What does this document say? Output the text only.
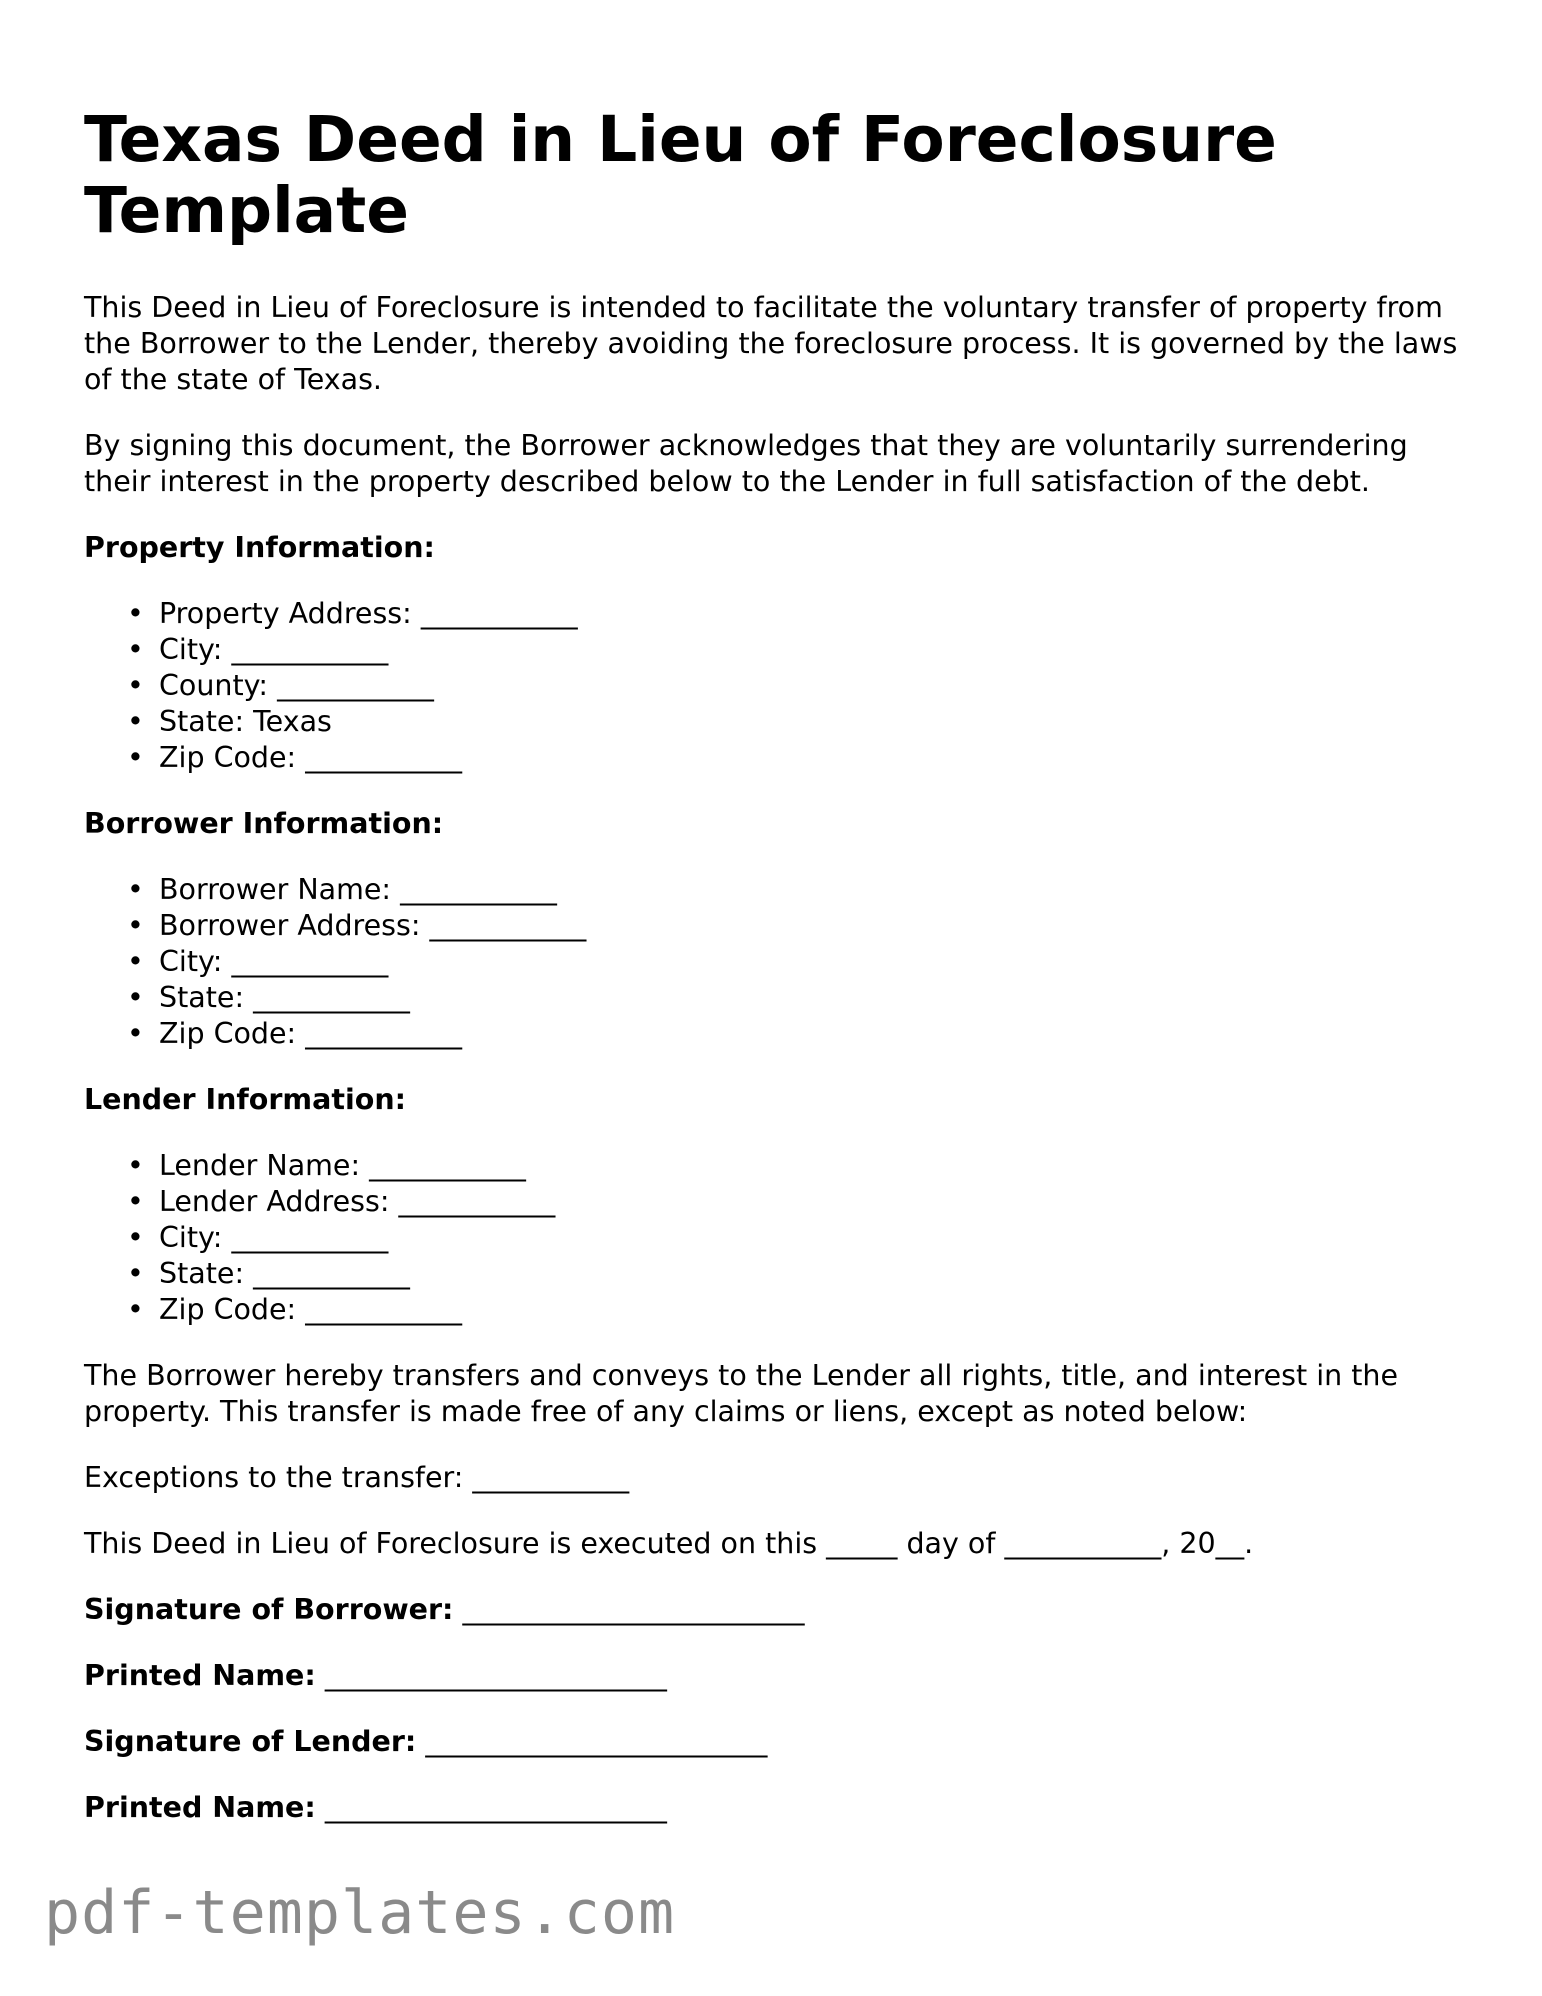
Texas Deed in Lieu of Foreclosure Template

This Deed in Lieu of Foreclosure is intended to facilitate the voluntary transfer of property from the Borrower to the Lender, thereby avoiding the foreclosure process. It is governed by the laws of the state of Texas.

By signing this document, the Borrower acknowledges that they are voluntarily surrendering their interest in the property described below to the Lender in full satisfaction of the debt.

Property Information:
• Property Address: ___________
• City: ___________
• County: ___________
• State: Texas
• Zip Code: ___________
Borrower Information:
• Borrower Name: ___________
• Borrower Address: ___________
• City: ___________
• State: ___________
• Zip Code: ___________
Lender Information:
• Lender Name: ___________
• Lender Address: ___________
• City: ___________
• State: ___________
• Zip Code: ___________

The Borrower hereby transfers and conveys to the Lender all rights, title, and interest in the property. This transfer is made free of any claims or liens, except as noted below:

Exceptions to the transfer: ___________

This Deed in Lieu of Foreclosure is executed on this _____ day of ___________, 20__.

Signature of Borrower: ________________________
Printed Name: ________________________
Signature of Lender: ________________________
Printed Name: ________________________
pdf-templates.com
